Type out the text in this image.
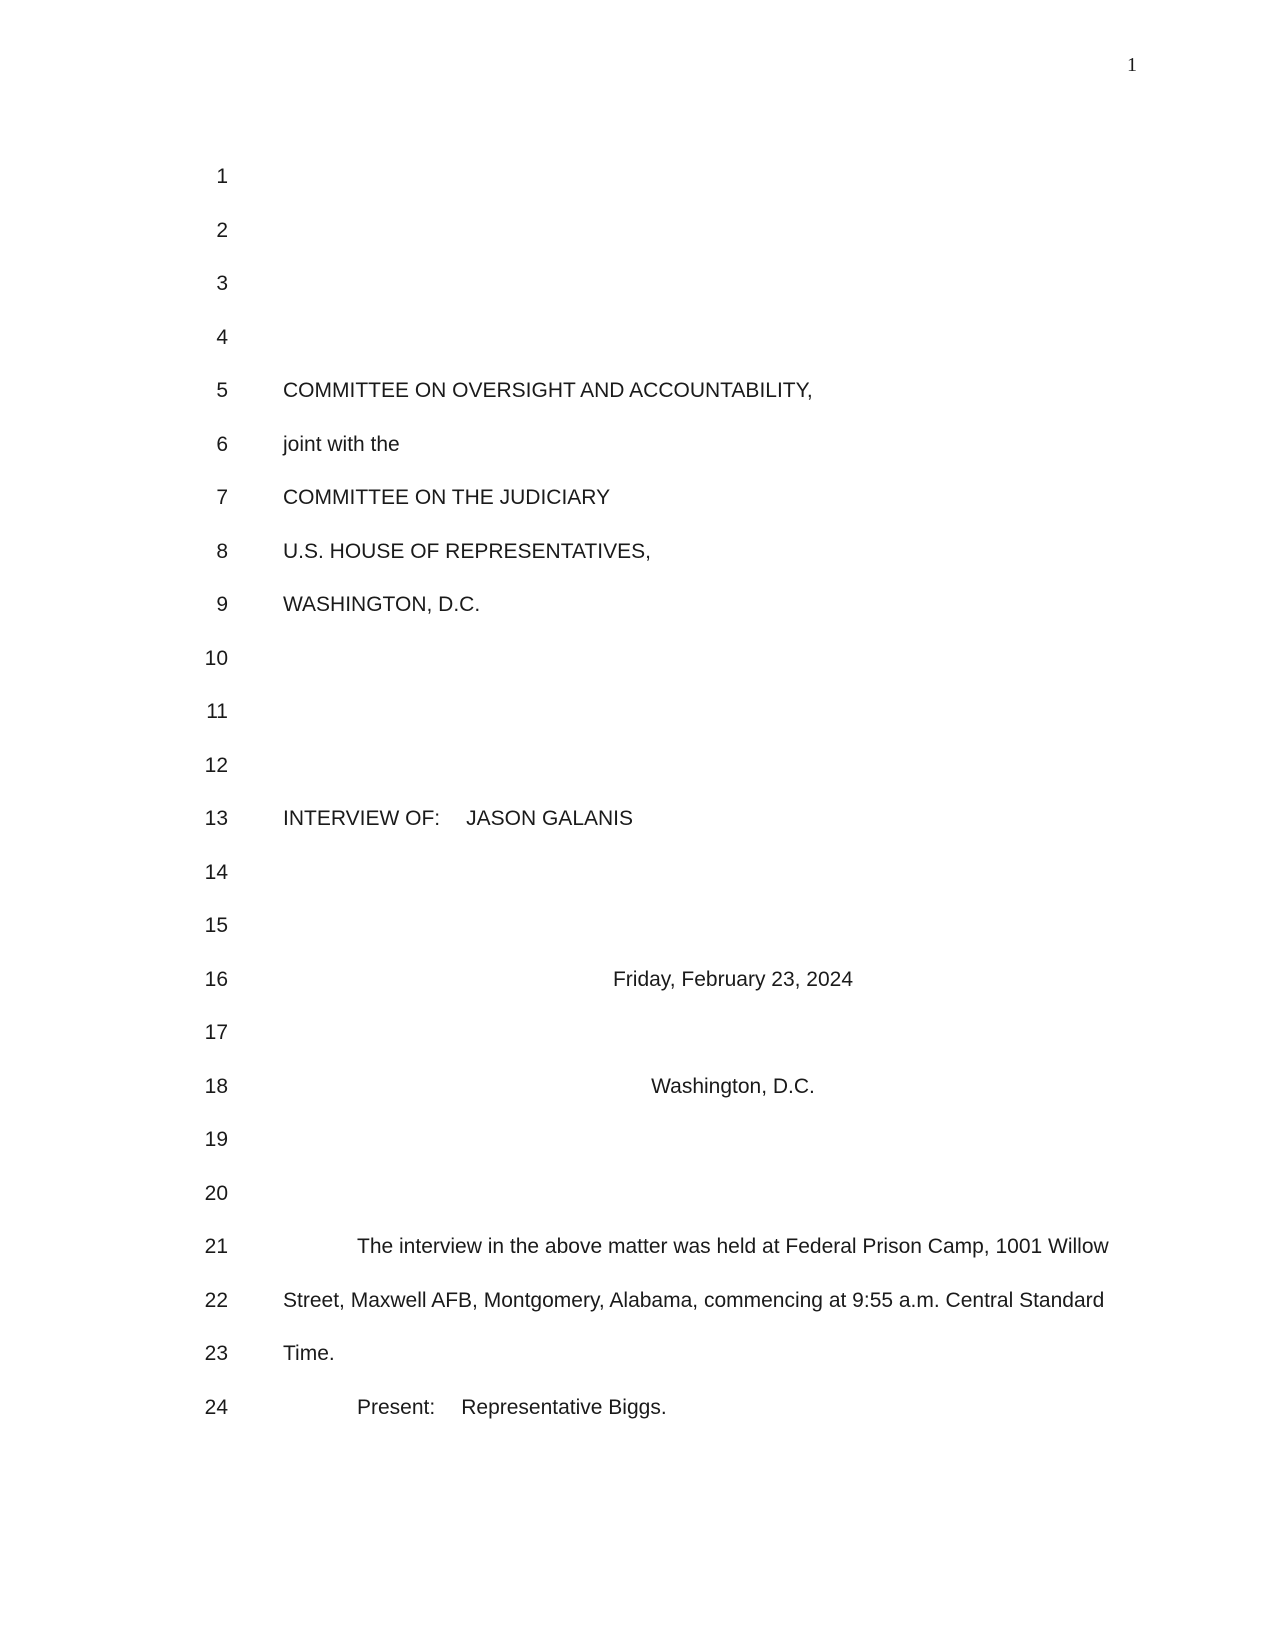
1
1
2
3
4
5	COMMITTEE ON OVERSIGHT AND ACCOUNTABILITY,
6	joint with the
7	COMMITTEE ON THE JUDICIARY
8	U.S. HOUSE OF REPRESENTATIVES,
9	WASHINGTON, D.C.
10
11
12
13	INTERVIEW OF: JASON GALANIS
14
15
16	Friday, February 23, 2024
17
18	Washington, D.C.
19
20
21	The interview in the above matter was held at Federal Prison Camp, 1001 Willow
22	Street, Maxwell AFB, Montgomery, Alabama, commencing at 9:55 a.m. Central Standard
23	Time.
24	Present: Representative Biggs.
